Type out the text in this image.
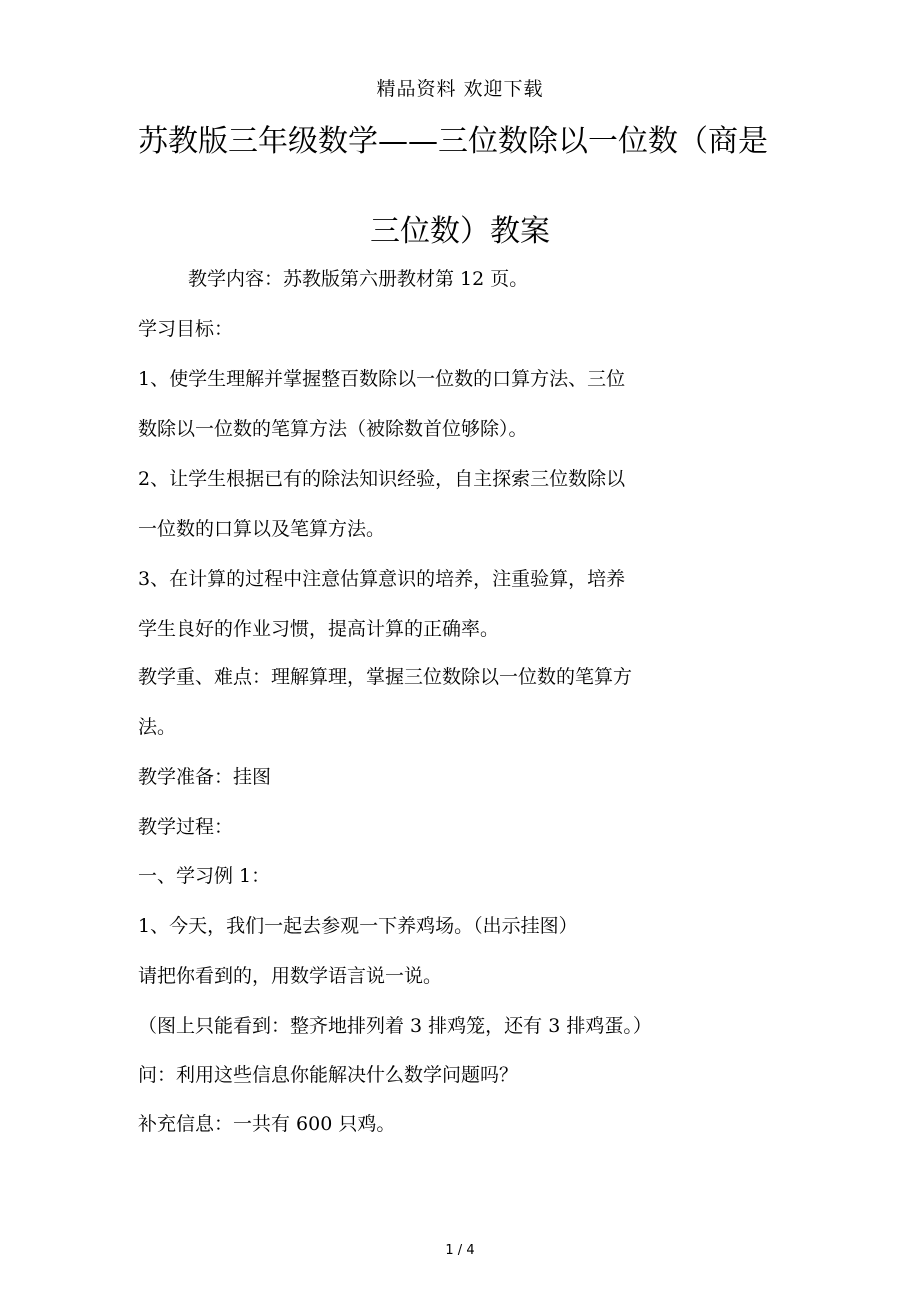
精品资料 欢迎下载
苏教版三年级数学——三位数除以一位数（商是
三位数）教案
教学内容：苏教版第六册教材第 12 页。
学习目标：
1、使学生理解并掌握整百数除以一位数的口算方法、三位
数除以一位数的笔算方法（被除数首位够除）。
2、让学生根据已有的除法知识经验，自主探索三位数除以
一位数的口算以及笔算方法。
3、在计算的过程中注意估算意识的培养，注重验算，培养
学生良好的作业习惯，提高计算的正确率。
教学重、难点：理解算理，掌握三位数除以一位数的笔算方
法。
教学准备：挂图
教学过程：
一、学习例 1：
1、今天，我们一起去参观一下养鸡场。（出示挂图）
请把你看到的，用数学语言说一说。
（图上只能看到：整齐地排列着 3 排鸡笼，还有 3 排鸡蛋。）
问：利用这些信息你能解决什么数学问题吗？
补充信息：一共有 600 只鸡。
1 / 4
